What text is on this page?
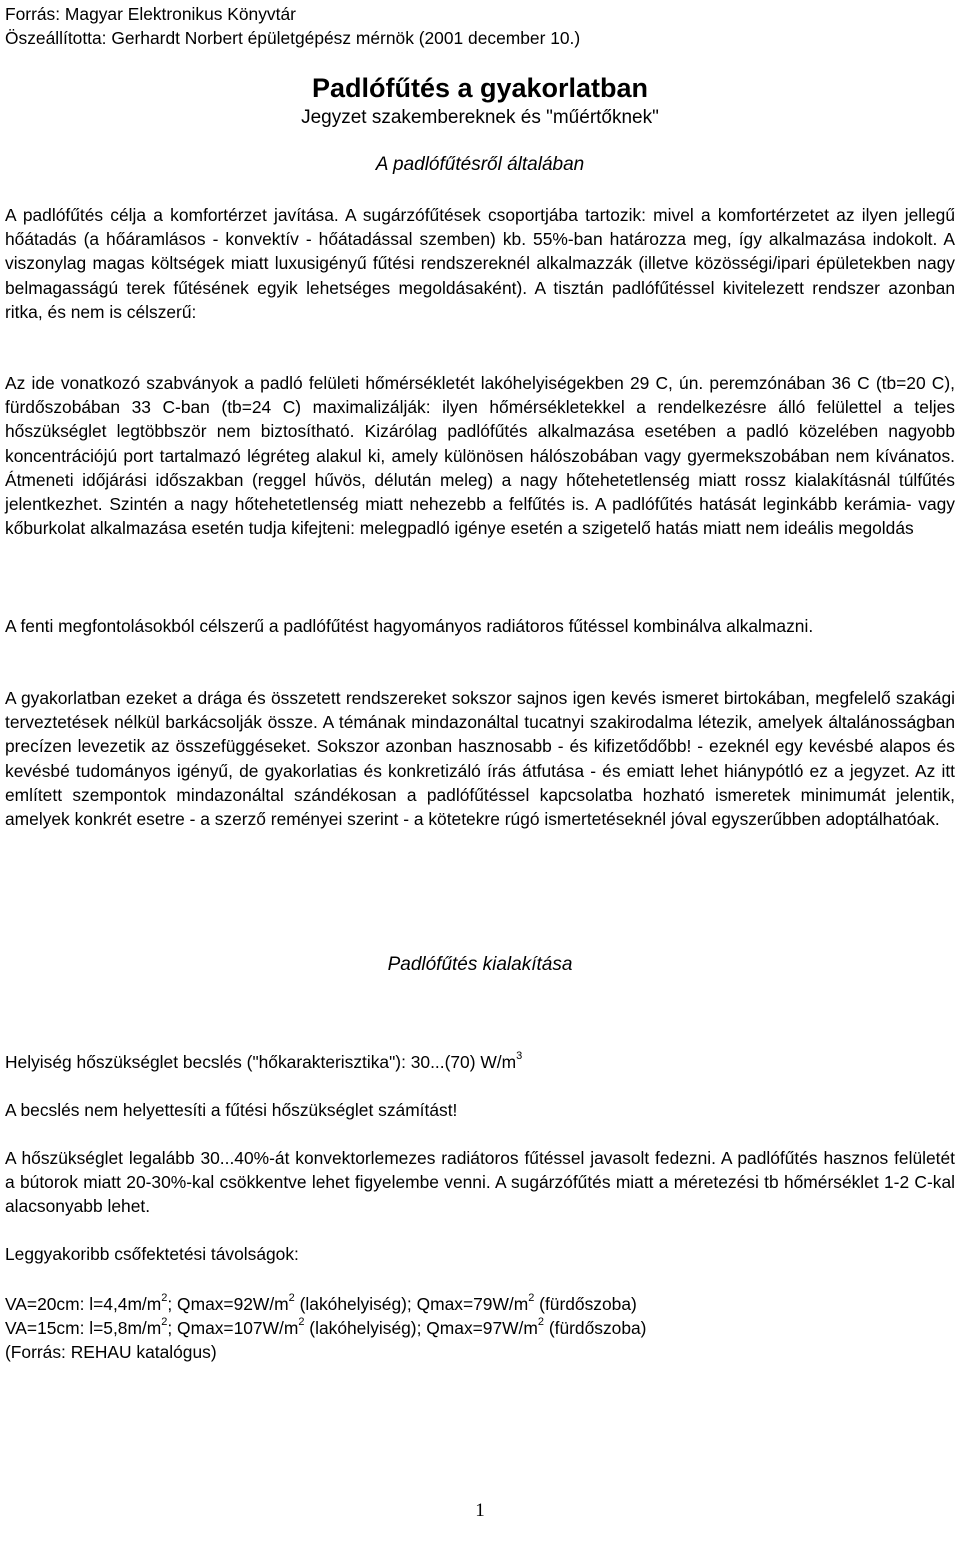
Forrás: Magyar Elektronikus Könyvtár
Öszeállította: Gerhardt Norbert épületgépész mérnök (2001 december 10.)
Padlófűtés a gyakorlatban
Jegyzet szakembereknek és "műértőknek"
A padlófűtésről általában

A padlófűtés célja a komfortérzet javítása. A sugárzófűtések csoportjába tartozik: mivel a komfortérzetet az ilyen jellegű hőátadás (a hőáramlásos - konvektív - hőátadással szemben) kb. 55%-ban határozza meg, így alkalmazása indokolt. A viszonylag magas költségek miatt luxusigényű fűtési rendszereknél alkalmazzák (illetve közösségi/ipari épületekben nagy belmagasságú terek fűtésének egyik lehetséges megoldásaként). A tisztán padlófűtéssel kivitelezett rendszer azonban ritka, és nem is célszerű:

Az ide vonatkozó szabványok a padló felületi hőmérsékletét lakóhelyiségekben 29 C, ún. peremzónában 36 C (tb=20 C), fürdőszobában 33 C-ban (tb=24 C) maximalizálják: ilyen hőmérsékletekkel a rendelkezésre álló felülettel a teljes hőszükséglet legtöbbször nem biztosítható. Kizárólag padlófűtés alkalmazása esetében a padló közelében nagyobb koncentrációjú port tartalmazó légréteg alakul ki, amely különösen hálószobában vagy gyermekszobában nem kívánatos. Átmeneti időjárási időszakban (reggel hűvös, délután meleg) a nagy hőtehetetlenség miatt rossz kialakításnál túlfűtés jelentkezhet. Szintén a nagy hőtehetetlenség miatt nehezebb a felfűtés is. A padlófűtés hatását leginkább kerámia- vagy kőburkolat alkalmazása esetén tudja kifejteni: melegpadló igénye esetén a szigetelő hatás miatt nem ideális megoldás

A fenti megfontolásokból célszerű a padlófűtést hagyományos radiátoros fűtéssel kombinálva alkalmazni.

A gyakorlatban ezeket a drága és összetett rendszereket sokszor sajnos igen kevés ismeret birtokában, megfelelő szakági terveztetések nélkül barkácsolják össze. A témának mindazonáltal tucatnyi szakirodalma létezik, amelyek általánosságban precízen levezetik az összefüggéseket. Sokszor azonban hasznosabb - és kifizetődőbb! - ezeknél egy kevésbé alapos és kevésbé tudományos igényű, de gyakorlatias és konkretizáló írás átfutása - és emiatt lehet hiánypótló ez a jegyzet. Az itt említett szempontok mindazonáltal szándékosan a padlófűtéssel kapcsolatba hozható ismeretek minimumát jelentik, amelyek konkrét esetre - a szerző reményei szerint - a kötetekre rúgó ismertetéseknél jóval egyszerűbben adoptálhatóak.

Padlófűtés kialakítása

Helyiség hőszükséglet becslés ("hőkarakterisztika"): 30...(70) $W/m^3$

A becslés nem helyettesíti a fűtési hőszükséglet számítást!

A hőszükséglet legalább 30...40%-át konvektorlemezes radiátoros fűtéssel javasolt fedezni. A padlófűtés hasznos felületét a bútorok miatt 20-30%-kal csökkentve lehet figyelembe venni. A sugárzófűtés miatt a méretezési tb hőmérséklet 1-2 C-kal alacsonyabb lehet.

Leggyakoribb csőfektetési távolságok:

VA=20cm: $l=4,4m/m^2$; $Qmax=92W/m^2$ (lakóhelyiség); $Qmax=79W/m^2$ (fürdőszoba)
VA=15cm: $l=5,8m/m^2$; $Qmax=107W/m^2$ (lakóhelyiség); $Qmax=97W/m^2$ (fürdőszoba)
(Forrás: REHAU katalógus)
1
